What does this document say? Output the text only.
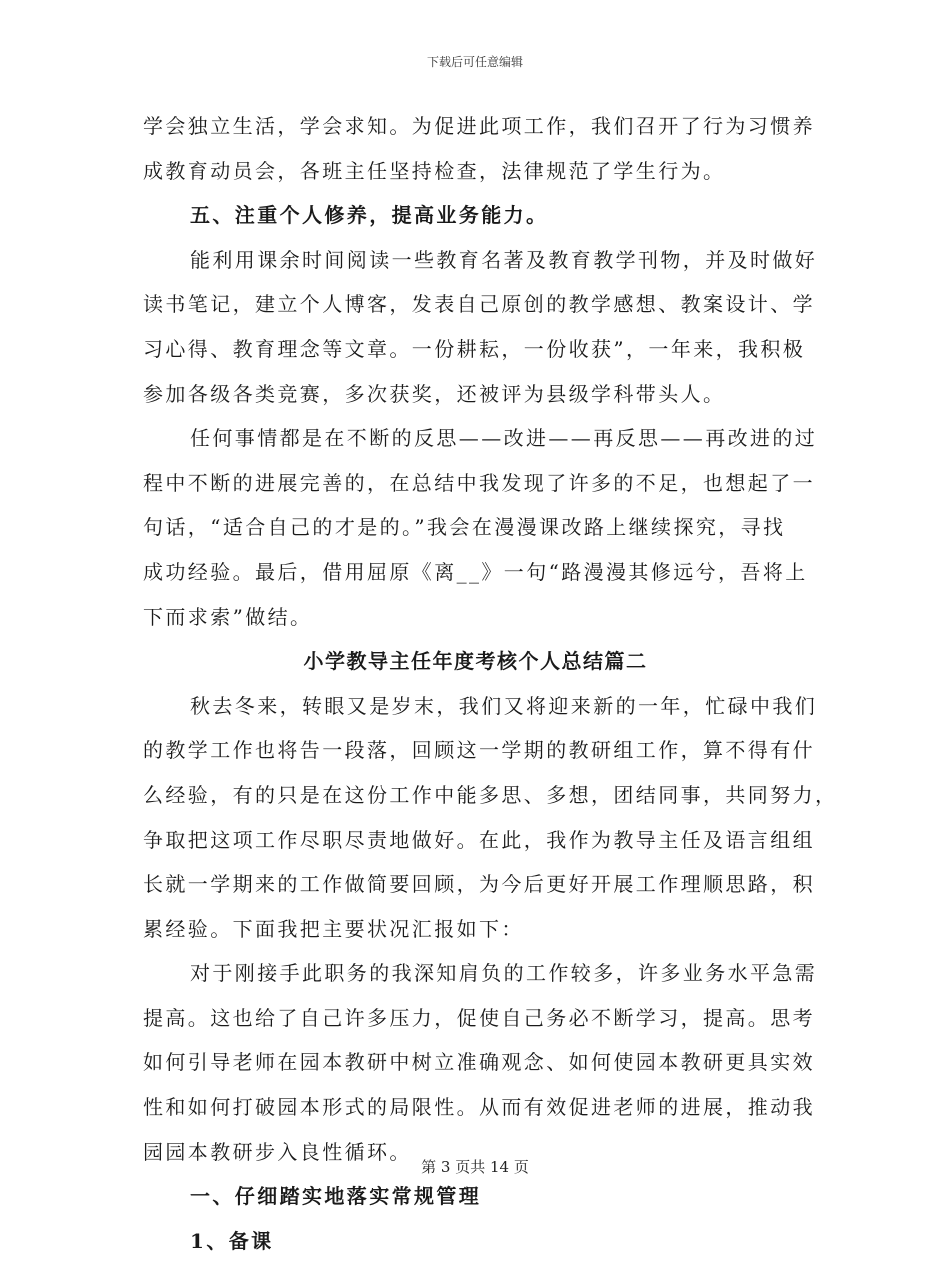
下载后可任意编辑
学会独立生活，学会求知。为促进此项工作，我们召开了行为习惯养
成教育动员会，各班主任坚持检查，法律规范了学生行为。
五、注重个人修养，提高业务能力。
能利用课余时间阅读一些教育名著及教育教学刊物，并及时做好
读书笔记，建立个人博客，发表自己原创的教学感想、教案设计、学
习心得、教育理念等文章。一份耕耘，一份收获”，一年来，我积极
参加各级各类竞赛，多次获奖，还被评为县级学科带头人。
任何事情都是在不断的反思——改进——再反思——再改进的过
程中不断的进展完善的，在总结中我发现了许多的不足，也想起了一
句话，“适合自己的才是的。”我会在漫漫课改路上继续探究，寻找
成功经验。最后，借用屈原《离__》一句“路漫漫其修远兮，吾将上
下而求索”做结。
小学教导主任年度考核个人总结篇二
秋去冬来，转眼又是岁末，我们又将迎来新的一年，忙碌中我们
的教学工作也将告一段落，回顾这一学期的教研组工作，算不得有什
么经验，有的只是在这份工作中能多思、多想，团结同事，共同努力，
争取把这项工作尽职尽责地做好。在此，我作为教导主任及语言组组
长就一学期来的工作做简要回顾，为今后更好开展工作理顺思路，积
累经验。下面我把主要状况汇报如下：
对于刚接手此职务的我深知肩负的工作较多，许多业务水平急需
提高。这也给了自己许多压力，促使自己务必不断学习，提高。思考
如何引导老师在园本教研中树立准确观念、如何使园本教研更具实效
性和如何打破园本形式的局限性。从而有效促进老师的进展，推动我
园园本教研步入良性循环。
一、仔细踏实地落实常规管理
1、备课
第 3 页共 14 页
